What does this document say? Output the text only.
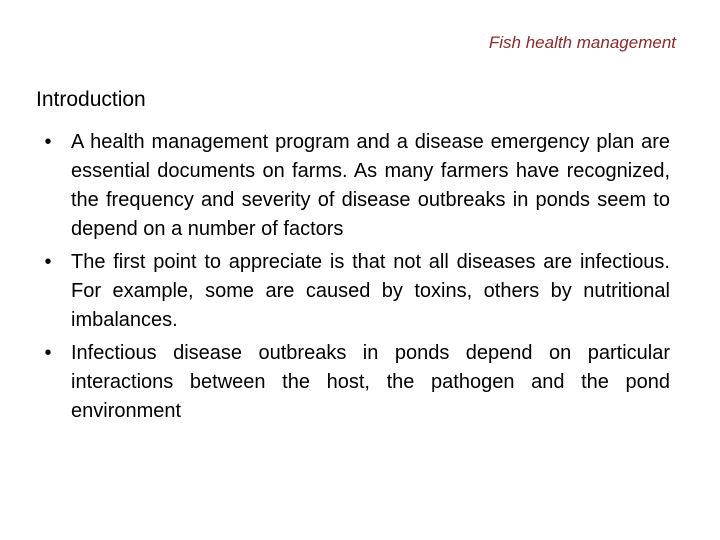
Fish health management
Introduction
• A health management program and a disease emergency plan are essential documents on farms. As many farmers have recognized, the frequency and severity of disease outbreaks in ponds seem to depend on a number of factors
• The first point to appreciate is that not all diseases are infectious. For example, some are caused by toxins, others by nutritional imbalances.
• Infectious disease outbreaks in ponds depend on particular interactions between the host, the pathogen and the pond environment
